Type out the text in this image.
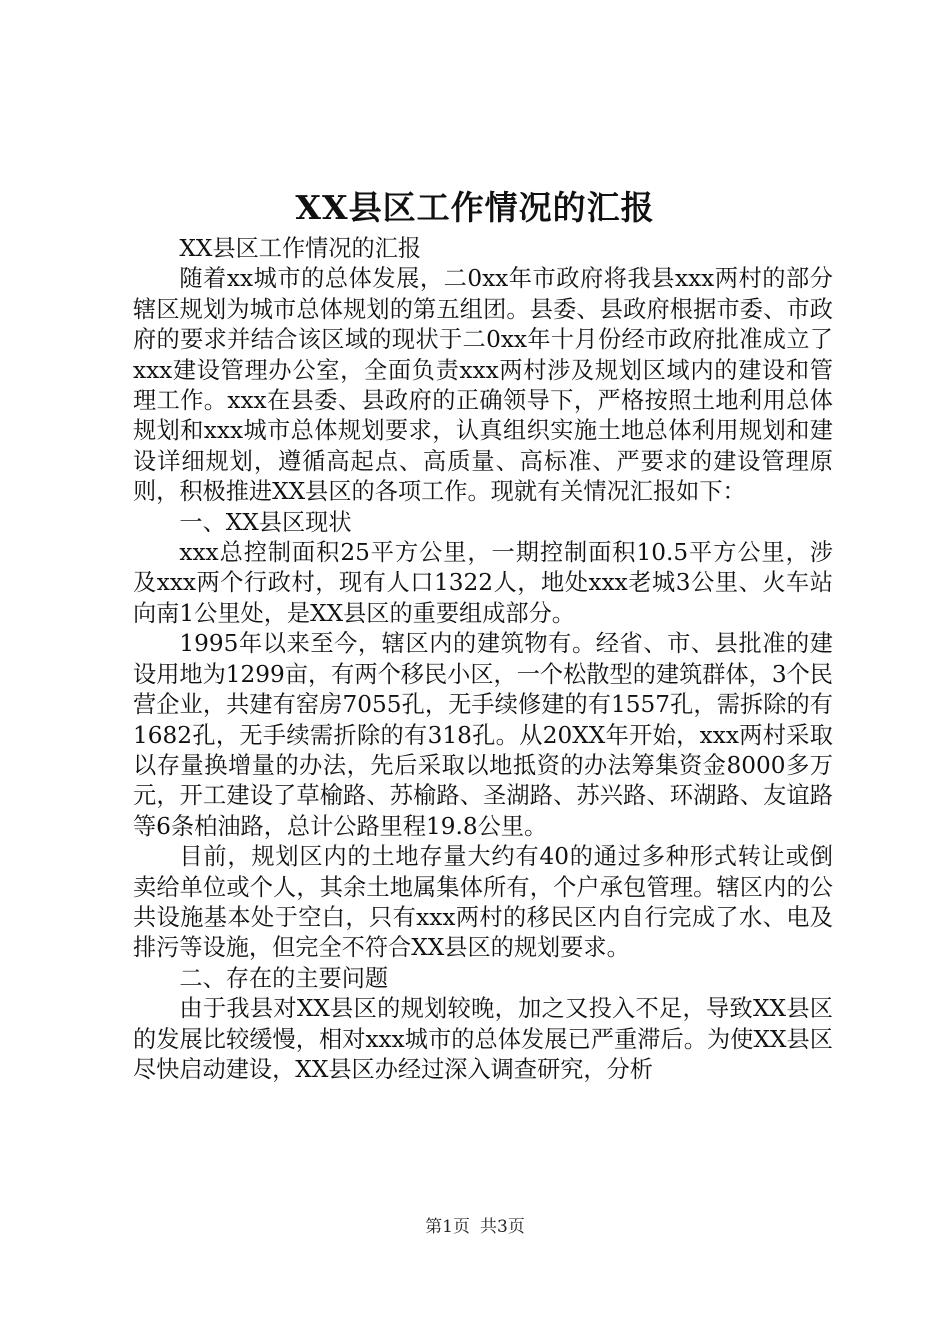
XX县区工作情况的汇报

XX县区工作情况的汇报

随着xx城市的总体发展，二0xx年市政府将我县xxx两村的部分辖区规划为城市总体规划的第五组团。县委、县政府根据市委、市政府的要求并结合该区域的现状于二0xx年十月份经市政府批准成立了xxx建设管理办公室，全面负责xxx两村涉及规划区域内的建设和管理工作。xxx在县委、县政府的正确领导下，严格按照土地利用总体规划和xxx城市总体规划要求，认真组织实施土地总体利用规划和建设详细规划，遵循高起点、高质量、高标准、严要求的建设管理原则，积极推进XX县区的各项工作。现就有关情况汇报如下：

一、XX县区现状

xxx总控制面积25平方公里，一期控制面积10.5平方公里，涉及xxx两个行政村，现有人口1322人，地处xxx老城3公里、火车站向南1公里处，是XX县区的重要组成部分。

1995年以来至今，辖区内的建筑物有。经省、市、县批准的建设用地为1299亩，有两个移民小区，一个松散型的建筑群体，3个民营企业，共建有窑房7055孔，无手续修建的有1557孔，需拆除的有1682孔，无手续需折除的有318孔。从20XX年开始，xxx两村采取以存量换增量的办法，先后采取以地抵资的办法筹集资金8000多万元，开工建设了草榆路、苏榆路、圣湖路、苏兴路、环湖路、友谊路等6条柏油路，总计公路里程19.8公里。

目前，规划区内的土地存量大约有40的通过多种形式转让或倒卖给单位或个人，其余土地属集体所有，个户承包管理。辖区内的公共设施基本处于空白，只有xxx两村的移民区内自行完成了水、电及排污等设施，但完全不符合XX县区的规划要求。

二、存在的主要问题

由于我县对XX县区的规划较晚，加之又投入不足，导致XX县区的发展比较缓慢，相对xxx城市的总体发展已严重滞后。为使XX县区尽快启动建设，XX县区办经过深入调查研究，分析

第1页 共3页
